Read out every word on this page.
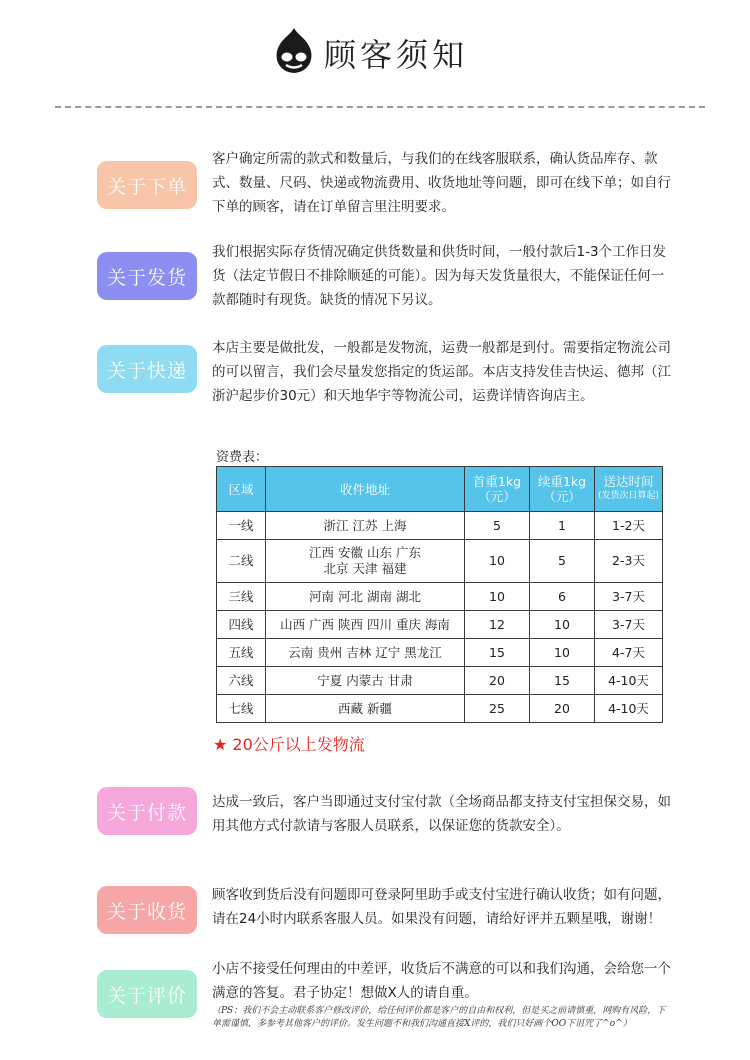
顾客须知
关于下单
客户确定所需的款式和数量后，与我们的在线客服联系，确认货品库存、款式、数量、尺码、快递或物流费用、收货地址等问题，即可在线下单；如自行下单的顾客，请在订单留言里注明要求。
关于发货
我们根据实际存货情况确定供货数量和供货时间，一般付款后1-3个工作日发货（法定节假日不排除顺延的可能）。因为每天发货量很大，不能保证任何一款都随时有现货。缺货的情况下另议。
关于快递
本店主要是做批发，一般都是发物流，运费一般都是到付。需要指定物流公司的可以留言，我们会尽量发您指定的货运部。本店支持发佳吉快运、德邦（江浙沪起步价30元）和天地华宇等物流公司，运费详情咨询店主。
资费表：
区域	收件地址	首重1kg（元）	续重1kg（元）	送达时间
(发货次日算起)

一线	浙江 江苏 上海	5	1	1-2天
二线	江西 安徽 山东 广东
北京 天津 福建	10	5	2-3天
三线	河南 河北 湖南 湖北	10	6	3-7天
四线	山西 广西 陕西 四川 重庆 海南	12	10	3-7天
五线	云南 贵州 吉林 辽宁 黑龙江	15	10	4-7天
六线	宁夏 内蒙古 甘肃	20	15	4-10天
七线	西藏 新疆	25	20	4-10天
★ 20公斤以上发物流
关于付款	达成一致后，客户当即通过支付宝付款（全场商品都支持支付宝担保交易，如用其他方式付款请与客服人员联系，以保证您的货款安全）。
关于收货
顾客收到货后没有问题即可登录阿里助手或支付宝进行确认收货；如有问题，请在24小时内联系客服人员。如果没有问题，请给好评并五颗星哦，谢谢！
关于评价
小店不接受任何理由的中差评，收货后不满意的可以和我们沟通，会给您一个满意的答复。君子协定！想做X人的请自重。
（PS：我们不会主动联系客户修改评价，给任何评价都是客户的自由和权利，但是买之前请慎重，网购有风险，下单需谨慎，多参考其他客户的评价。发生问题不和我们沟通直接X评的，我们只好画个OO下诅咒了^o^）
